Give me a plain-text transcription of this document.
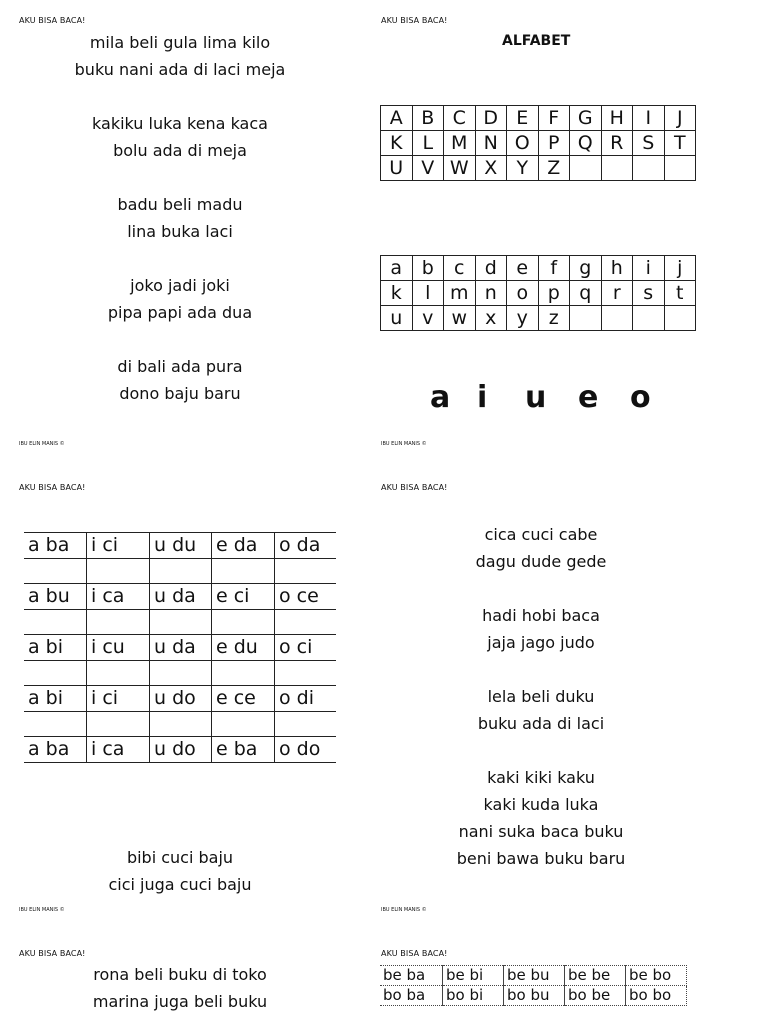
AKU BISA BACA!
mila beli gula lima kilo
buku nani ada di laci meja
kakiku luka kena kaca
bolu ada di meja
badu beli madu
lina buka laci
joko jadi joki
pipa papi ada dua
di bali ada pura
dono baju baru
IBU ELIN MANIS ©
AKU BISA BACA!
ALFABET
A	B	C	D	E	F	G	H	I	J
K	L	M	N	O	P	Q	R	S	T
U	V	W	X	Y	Z				
a	b	c	d	e	f	g	h	i	j
k	l	m	n	o	p	q	r	s	t
u	v	w	x	y	z				
a i u e o
IBU ELIN MANIS ©
AKU BISA BACA!
a ba	i ci	u du	e da	o da

a bu	i ca	u da	e ci	o ce

a bi	i cu	u da	e du	o ci

a bi	i ci	u do	e ce	o di

a ba	i ca	u do	e ba	o do
bibi cuci baju
cici juga cuci baju
IBU ELIN MANIS ©
AKU BISA BACA!
cica cuci cabe
dagu dude gede
hadi hobi baca
jaja jago judo
lela beli duku
buku ada di laci
kaki kiki kaku
kaki kuda luka
nani suka baca buku
beni bawa buku baru
IBU ELIN MANIS ©
AKU BISA BACA!
rona beli buku di toko
marina juga beli buku
AKU BISA BACA!
be ba	be bi	be bu	be be	be bo
bo ba	bo bi	bo bu	bo be	bo bo
